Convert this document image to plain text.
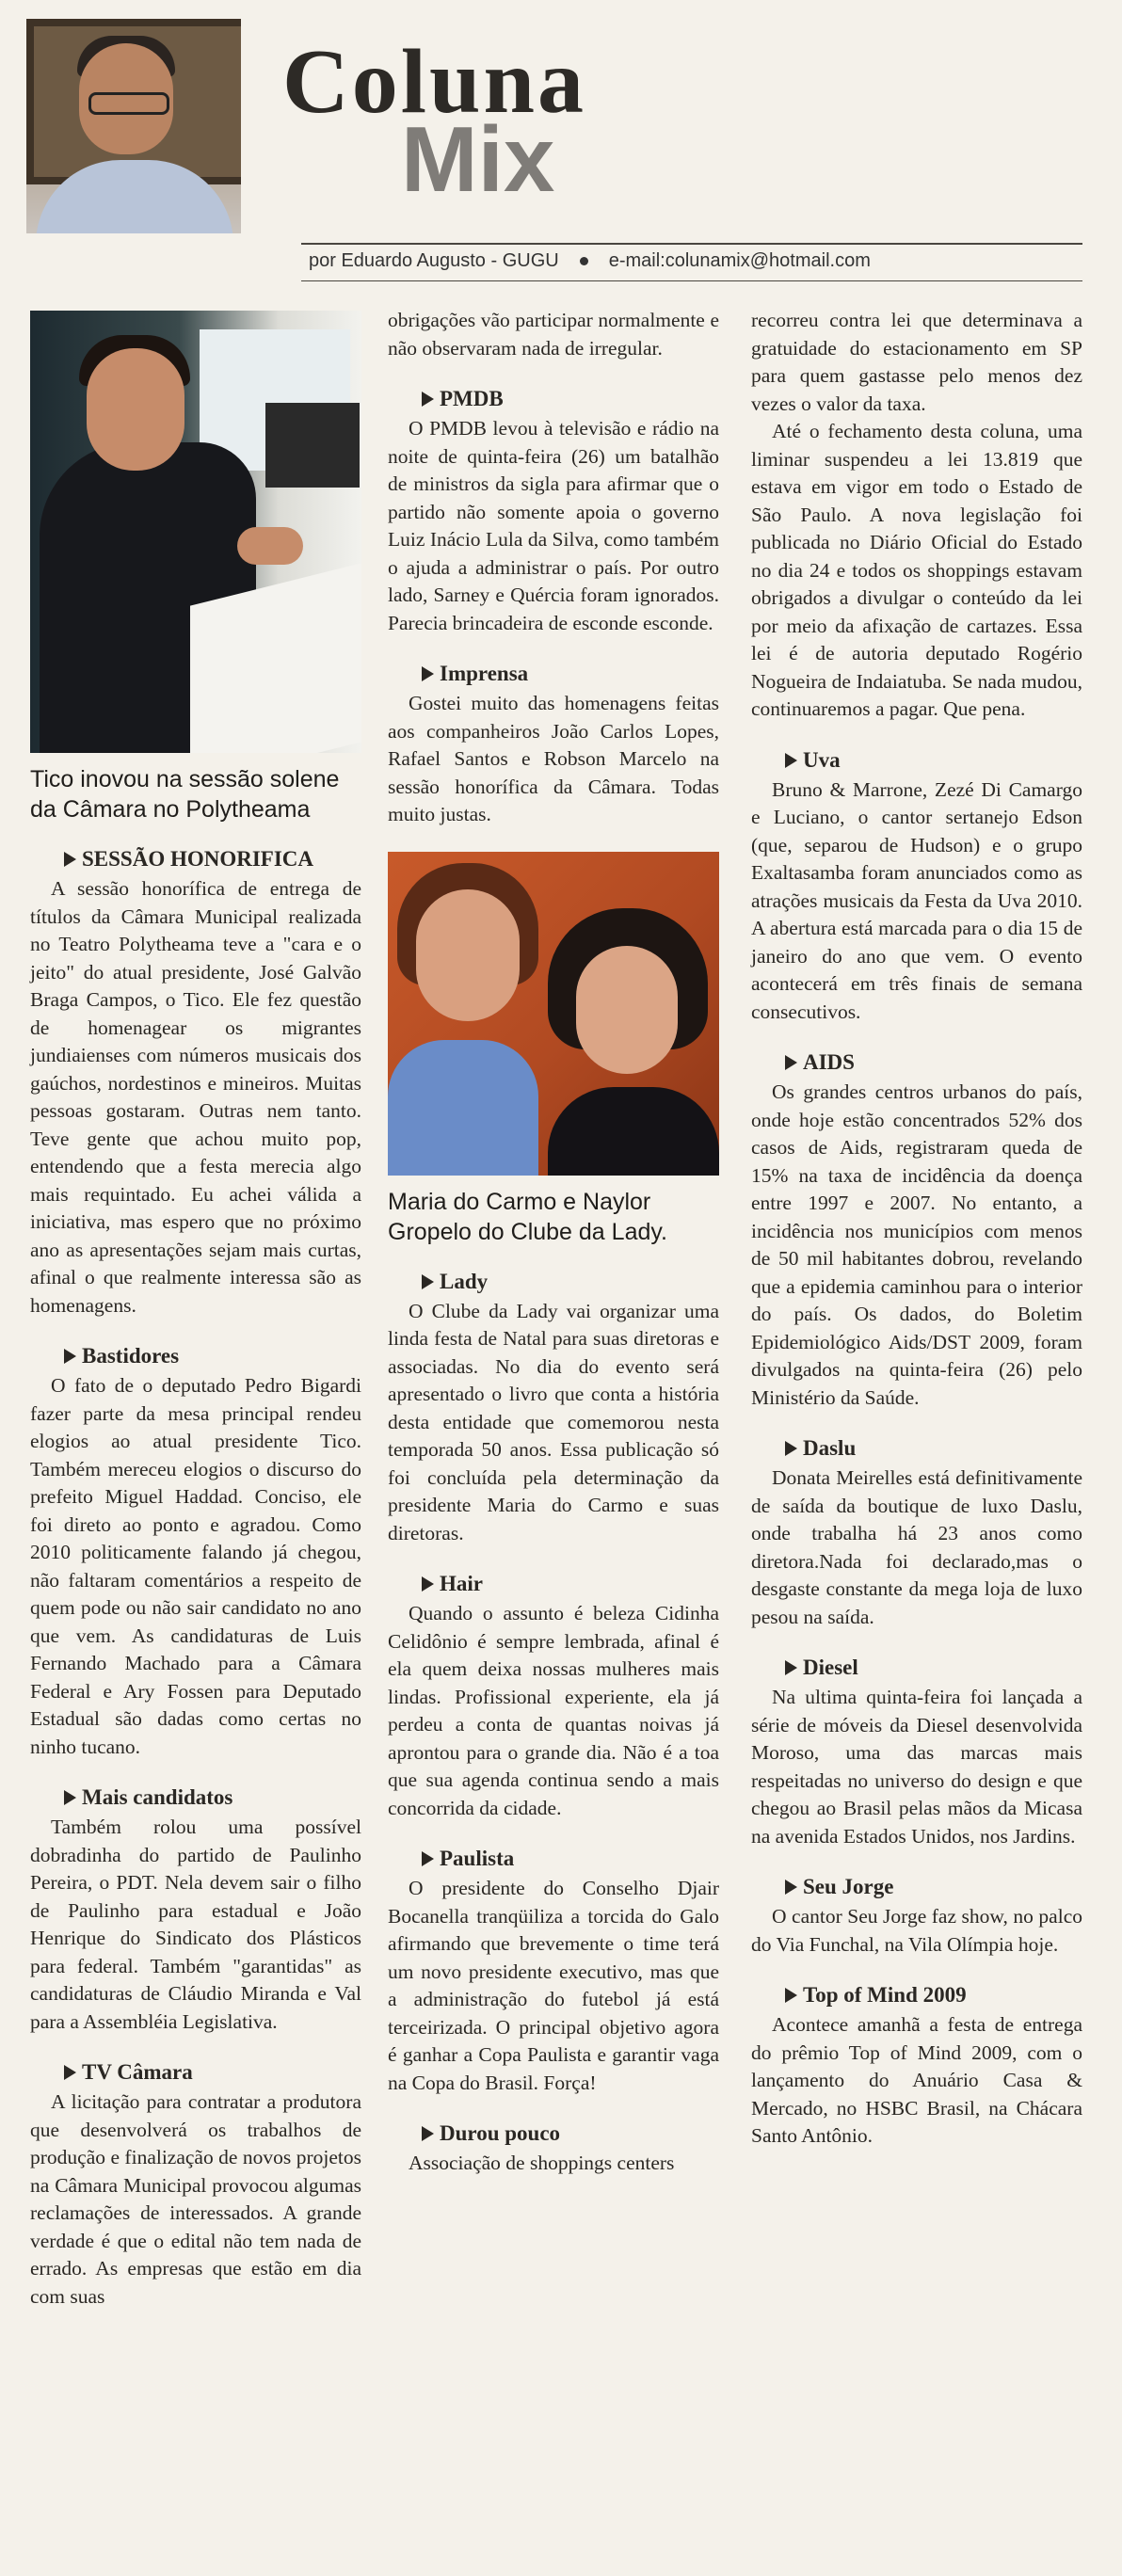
Coluna
Mix
por Eduardo Augusto - GUGU	e-mail:colunamix@hotmail.com
Tico inovou na sessão solene da Câmara no Polytheama
SESSÃO HONORIFICA

A sessão honorífica de entrega de títulos da Câmara Municipal realizada no Teatro Polytheama teve a "cara e o jeito" do atual presidente, José Galvão Braga Campos, o Tico. Ele fez questão de homenagear os migrantes jundiaienses com números musicais dos gaúchos, nordestinos e mineiros. Muitas pessoas gostaram. Outras nem tanto. Teve gente que achou muito pop, entendendo que a festa merecia algo mais requintado. Eu achei válida a iniciativa, mas espero que no próximo ano as apresentações sejam mais curtas, afinal o que realmente interessa são as homenagens.

Bastidores

O fato de o deputado Pedro Bigardi fazer parte da mesa principal rendeu elogios ao atual presidente Tico. Também mereceu elogios o discurso do prefeito Miguel Haddad. Conciso, ele foi direto ao ponto e agradou. Como 2010 politicamente falando já chegou, não faltaram comentários a respeito de quem pode ou não sair candidato no ano que vem. As candidaturas de Luis Fernando Machado para a Câmara Federal e Ary Fossen para Deputado Estadual são dadas como certas no ninho tucano.

Mais candidatos

Também rolou uma possível dobradinha do partido de Paulinho Pereira, o PDT. Nela devem sair o filho de Paulinho para estadual e João Henrique do Sindicato dos Plásticos para federal. Também "garantidas" as candidaturas de Cláudio Miranda e Val para a Assembléia Legislativa.

TV Câmara

A licitação para contratar a produtora que desenvolverá os trabalhos de produção e finalização de novos projetos na Câmara Municipal provocou algumas reclamações de interessados. A grande verdade é que o edital não tem nada de errado. As empresas que estão em dia com suas

obrigações vão participar normalmente e não observaram nada de irregular.

PMDB

O PMDB levou à televisão e rádio na noite de quinta-feira (26) um batalhão de ministros da sigla para afirmar que o partido não somente apoia o governo Luiz Inácio Lula da Silva, como também o ajuda a administrar o país. Por outro lado, Sarney e Quércia foram ignorados. Parecia brincadeira de esconde esconde.

Imprensa

Gostei muito das homenagens feitas aos companheiros João Carlos Lopes, Rafael Santos e Robson Marcelo na sessão honorífica da Câmara. Todas muito justas.

Maria do Carmo e Naylor Gropelo do Clube da Lady.
Lady

O Clube da Lady vai organizar uma linda festa de Natal para suas diretoras e associadas. No dia do evento será apresentado o livro que conta a história desta entidade que comemorou nesta temporada 50 anos. Essa publicação só foi concluída pela determinação da presidente Maria do Carmo e suas diretoras.

Hair

Quando o assunto é beleza Cidinha Celidônio é sempre lembrada, afinal é ela quem deixa nossas mulheres mais lindas. Profissional experiente, ela já perdeu a conta de quantas noivas já aprontou para o grande dia. Não é a toa que sua agenda continua sendo a mais concorrida da cidade.

Paulista

O presidente do Conselho Djair Bocanella tranqüiliza a torcida do Galo afirmando que brevemente o time terá um novo presidente executivo, mas que a administração do futebol já está terceirizada. O principal objetivo agora é ganhar a Copa Paulista e garantir vaga na Copa do Brasil. Força!

Durou pouco

Associação de shoppings centers

recorreu contra lei que determinava a gratuidade do estacionamento em SP para quem gastasse pelo menos dez vezes o valor da taxa.

Até o fechamento desta coluna, uma liminar suspendeu a lei 13.819 que estava em vigor em todo o Estado de São Paulo. A nova legislação foi publicada no Diário Oficial do Estado no dia 24 e todos os shoppings estavam obrigados a divulgar o conteúdo da lei por meio da afixação de cartazes. Essa lei é de autoria deputado Rogério Nogueira de Indaiatuba. Se nada mudou, continuaremos a pagar. Que pena.

Uva

Bruno & Marrone, Zezé Di Camargo e Luciano, o cantor sertanejo Edson (que, separou de Hudson) e o grupo Exaltasamba foram anunciados como as atrações musicais da Festa da Uva 2010. A abertura está marcada para o dia 15 de janeiro do ano que vem. O evento acontecerá em três finais de semana consecutivos.

AIDS

Os grandes centros urbanos do país, onde hoje estão concentrados 52% dos casos de Aids, registraram queda de 15% na taxa de incidência da doença entre 1997 e 2007. No entanto, a incidência nos municípios com menos de 50 mil habitantes dobrou, revelando que a epidemia caminhou para o interior do país. Os dados, do Boletim Epidemiológico Aids/DST 2009, foram divulgados na quinta-feira (26) pelo Ministério da Saúde.

Daslu

Donata Meirelles está definitivamente de saída da boutique de luxo Daslu, onde trabalha há 23 anos como diretora.Nada foi declarado,mas o desgaste constante da mega loja de luxo pesou na saída.

Diesel

Na ultima quinta-feira foi lançada a série de móveis da Diesel desenvolvida Moroso, uma das marcas mais respeitadas no universo do design e que chegou ao Brasil pelas mãos da Micasa na avenida Estados Unidos, nos Jardins.

Seu Jorge

O cantor Seu Jorge faz show, no palco do Via Funchal, na Vila Olímpia hoje.

Top of Mind 2009

Acontece amanhã a festa de entrega do prêmio Top of Mind 2009, com o lançamento do Anuário Casa & Mercado, no HSBC Brasil, na Chácara Santo Antônio.
